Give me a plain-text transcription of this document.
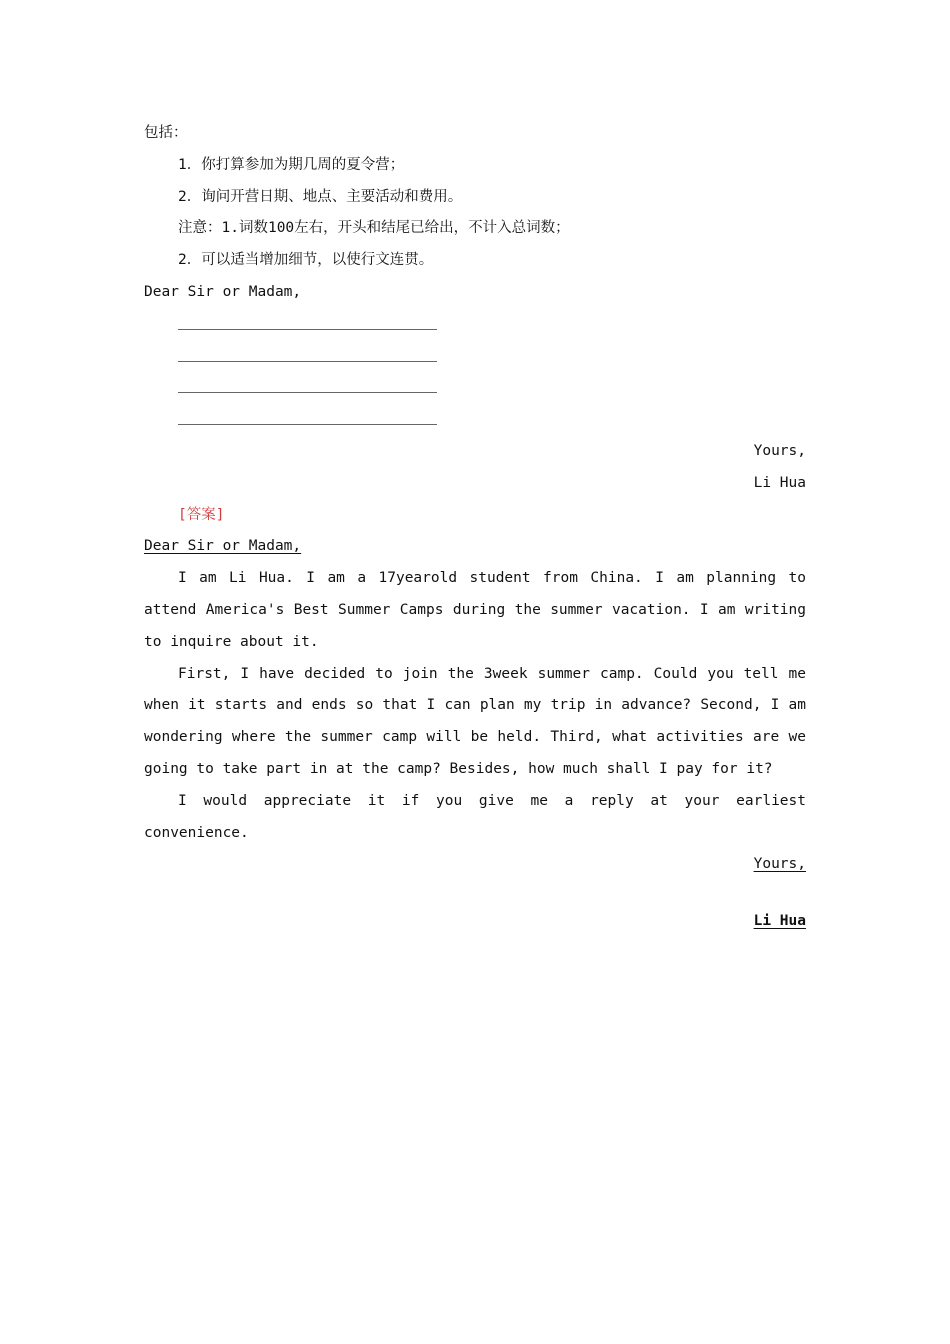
包括：
1．你打算参加为期几周的夏令营；
2．询问开营日期、地点、主要活动和费用。
注意：1.词数100左右，开头和结尾已给出，不计入总词数；
2．可以适当增加细节，以使行文连贯。
Dear Sir or Madam,
Yours,
Li Hua
[答案]
Dear Sir or Madam,

I am Li Hua. I am a 17yearold student from China. I am planning to attend America's Best Summer Camps during the summer vacation. I am writing to inquire about it.

First, I have decided to join the 3week summer camp. Could you tell me when it starts and ends so that I can plan my trip in advance? Second, I am wondering where the summer camp will be held. Third, what activities are we going to take part in at the camp? Besides, how much shall I pay for it?

I would appreciate it if you give me a reply at your earliest convenience.

Yours,
Li Hua
